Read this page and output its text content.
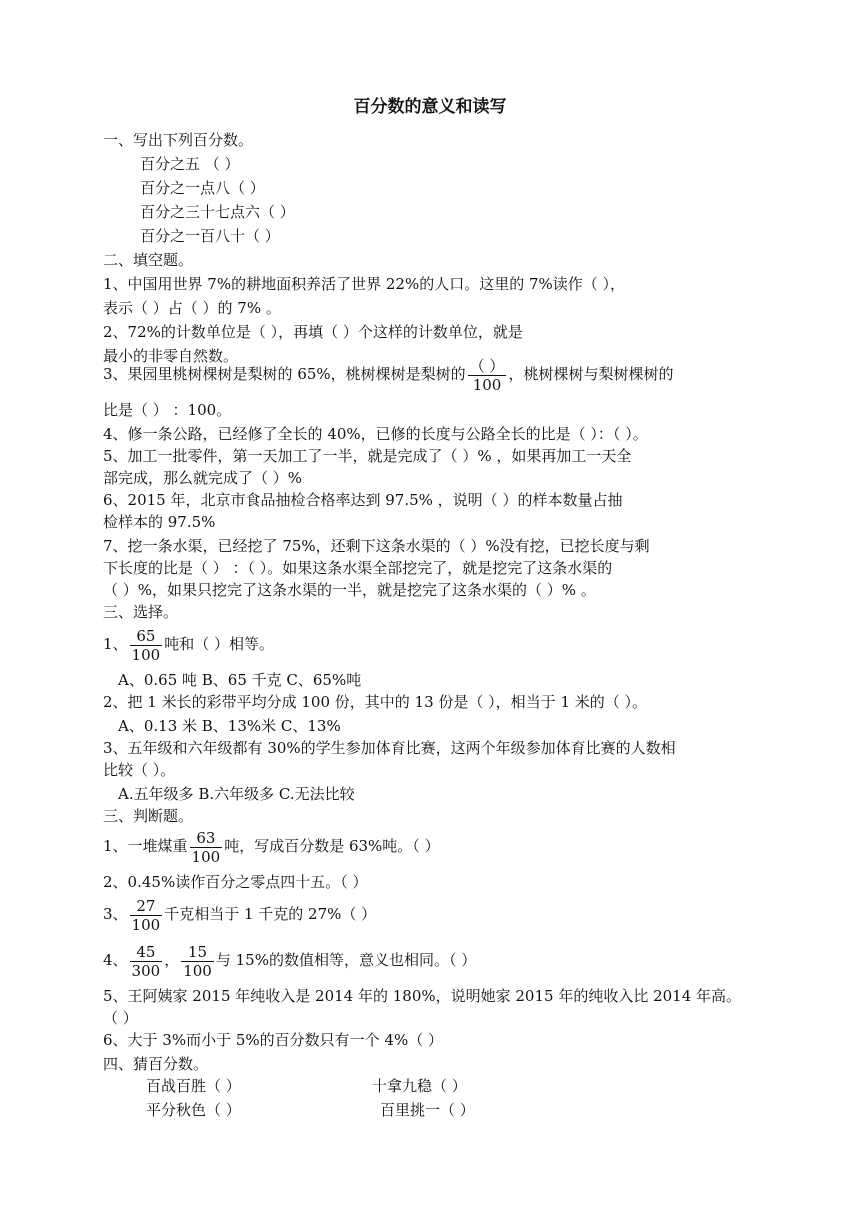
百分数的意义和读写
一、写出下列百分数。
百分之五 （ ）
百分之一点八（ ）
百分之三十七点六（ ）
百分之一百八十（ ）
二、填空题。
1、中国用世界 7%的耕地面积养活了世界 22%的人口。这里的 7%读作（ ），
表示（ ）占（ ）的 7% 。
2、72%的计数单位是（ ），再填（ ）个这样的计数单位，就是
最小的非零自然数。
3、果园里桃树棵树是梨树的 65%，桃树棵树是梨树的 $\frac{( )}{100}$ ，桃树棵树与梨树棵树的
比是（ ） ：100。
4、修一条公路，已经修了全长的 40%，已修的长度与公路全长的比是（ ）：（ ）。
5、加工一批零件，第一天加工了一半，就是完成了（ ）% ，如果再加工一天全
部完成，那么就完成了（ ）%
6、2015 年，北京市食品抽检合格率达到 97.5% ，说明（ ）的样本数量占抽
检样本的 97.5%
7、挖一条水渠，已经挖了 75%，还剩下这条水渠的（ ）%没有挖，已挖长度与剩
下长度的比是（ ） ：（ ）。如果这条水渠全部挖完了，就是挖完了这条水渠的
（ ）%，如果只挖完了这条水渠的一半，就是挖完了这条水渠的（ ）% 。
三、选择。
1、 $\frac{65}{100}$ 吨和（ ）相等。
A、0.65 吨 B、65 千克 C、65%吨
2、把 1 米长的彩带平均分成 100 份，其中的 13 份是（ ），相当于 1 米的（ ）。
A、0.13 米 B、13%米 C、13%
3、五年级和六年级都有 30%的学生参加体育比赛，这两个年级参加体育比赛的人数相
比较（ ）。
A.五年级多 B.六年级多 C.无法比较
三、判断题。
1、一堆煤重 $\frac{63}{100}$ 吨，写成百分数是 63%吨。（ ）
2、0.45%读作百分之零点四十五。（ ）
3、 $\frac{27}{100}$ 千克相当于 1 千克的 27%（ ）
4、 $\frac{45}{300}$ ， $\frac{15}{100}$ 与 15%的数值相等，意义也相同。（ ）
5、王阿姨家 2015 年纯收入是 2014 年的 180%，说明她家 2015 年的纯收入比 2014 年高。
（ ）
6、大于 3%而小于 5%的百分数只有一个 4%（ ）
四、猜百分数。
百战百胜（ ）	十拿九稳（ ）
平分秋色（ ）	百里挑一（ ）
